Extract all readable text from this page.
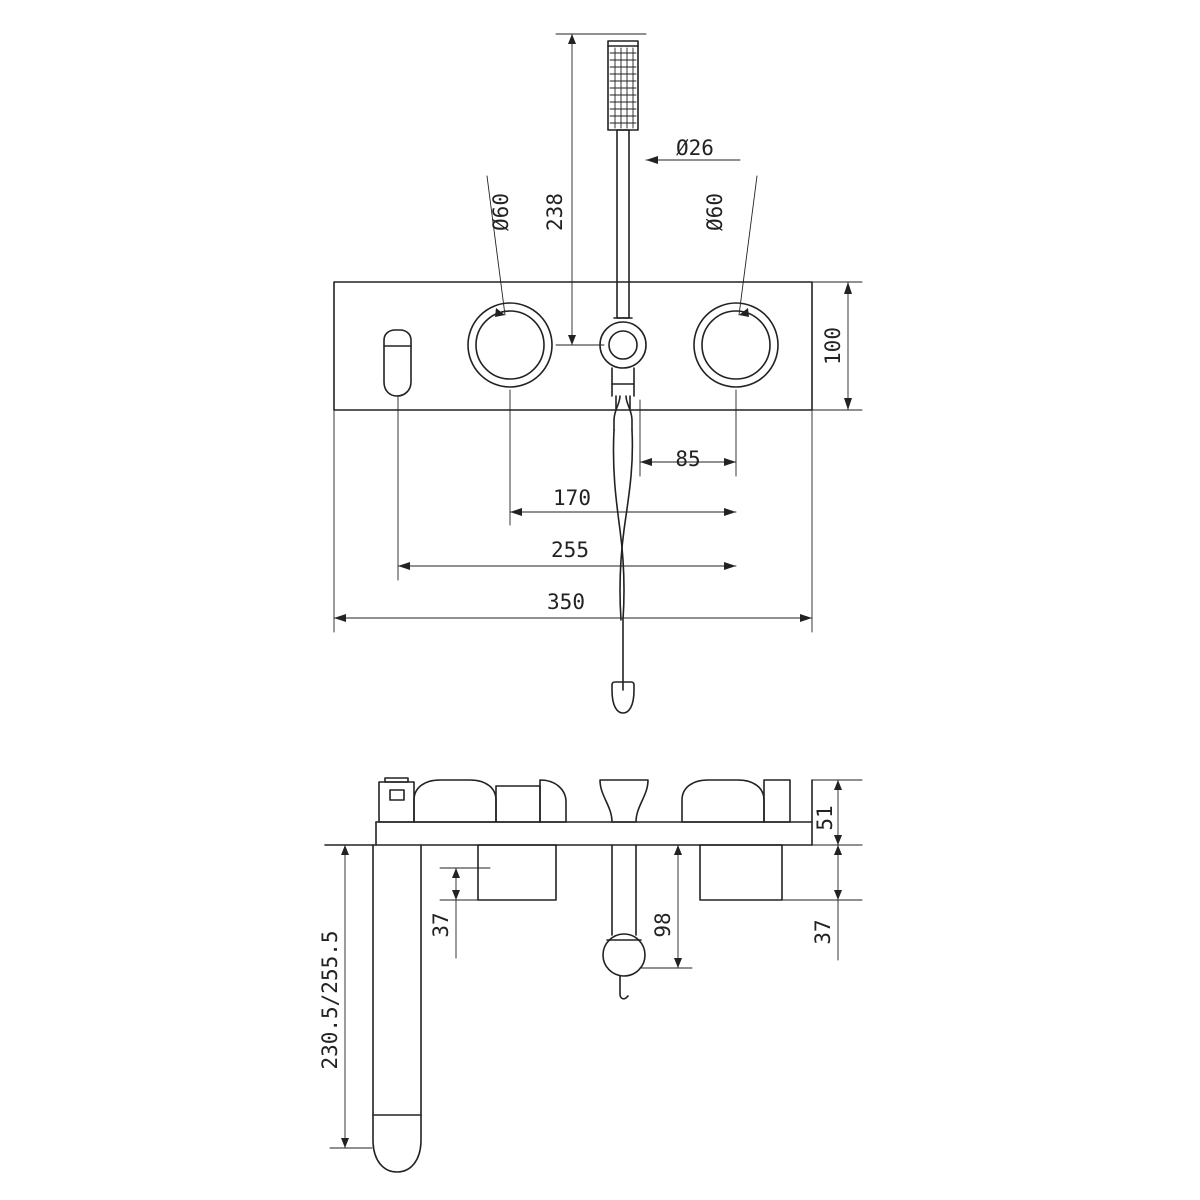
238
Ø26
Ø60	Ø60
100
85
170
255
350
51
37	98	37
230.5/255.5
